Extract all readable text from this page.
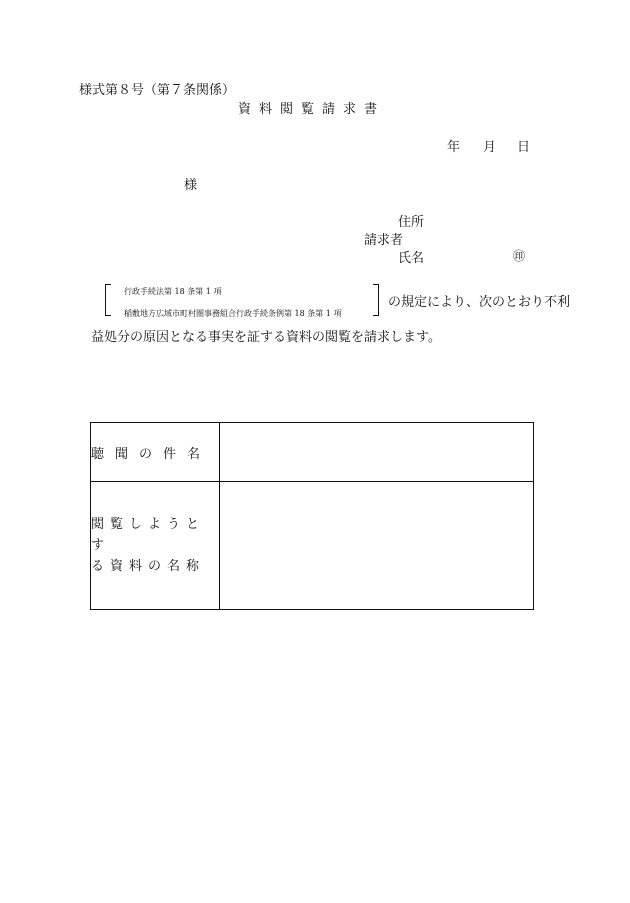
様式第８号（第７条関係）
資料閲覧請求書
年 月 日
様
住所
請求者
氏名	㊞
行政手続法第 18 条第 1 項
稲敷地方広域市町村圏事務組合行政手続条例第 18 条第 1 項
の規定により、次のとおり不利
益処分の原因となる事実を証する資料の閲覧を請求します。
聴聞の件名	

閲覧しようとす
る資料の名称	
